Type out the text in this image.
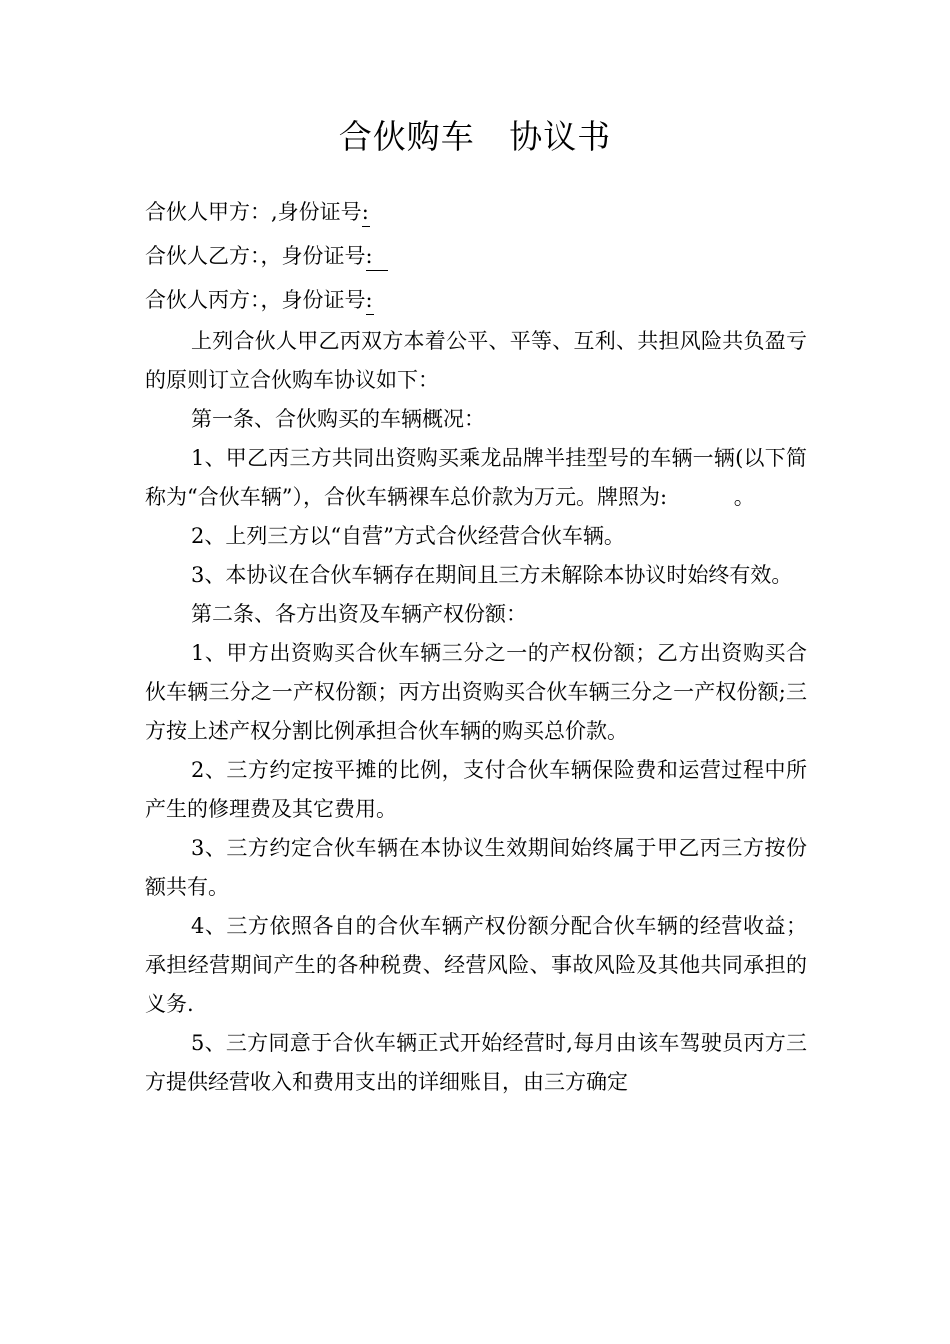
合伙购车   协议书
合伙人甲方：,身份证号:
合伙人乙方：，身份证号:
合伙人丙方：，身份证号:

上列合伙人甲乙丙双方本着公平、平等、互利、共担风险共负盈亏的原则订立合伙购车协议如下：

第一条、合伙购买的车辆概况：

1、甲乙丙三方共同出资购买乘龙品牌半挂型号的车辆一辆(以下简称为“合伙车辆”），合伙车辆裸车总价款为万元。牌照为:          。

2、上列三方以“自营”方式合伙经营合伙车辆。

3、本协议在合伙车辆存在期间且三方未解除本协议时始终有效。

第二条、各方出资及车辆产权份额：

1、甲方出资购买合伙车辆三分之一的产权份额；乙方出资购买合伙车辆三分之一产权份额；丙方出资购买合伙车辆三分之一产权份额;三方按上述产权分割比例承担合伙车辆的购买总价款。

2、三方约定按平摊的比例，支付合伙车辆保险费和运营过程中所产生的修理费及其它费用。

3、三方约定合伙车辆在本协议生效期间始终属于甲乙丙三方按份额共有。

4、三方依照各自的合伙车辆产权份额分配合伙车辆的经营收益；承担经营期间产生的各种税费、经营风险、事故风险及其他共同承担的义务.

5、三方同意于合伙车辆正式开始经营时,每月由该车驾驶员丙方三方提供经营收入和费用支出的详细账目，由三方确定
